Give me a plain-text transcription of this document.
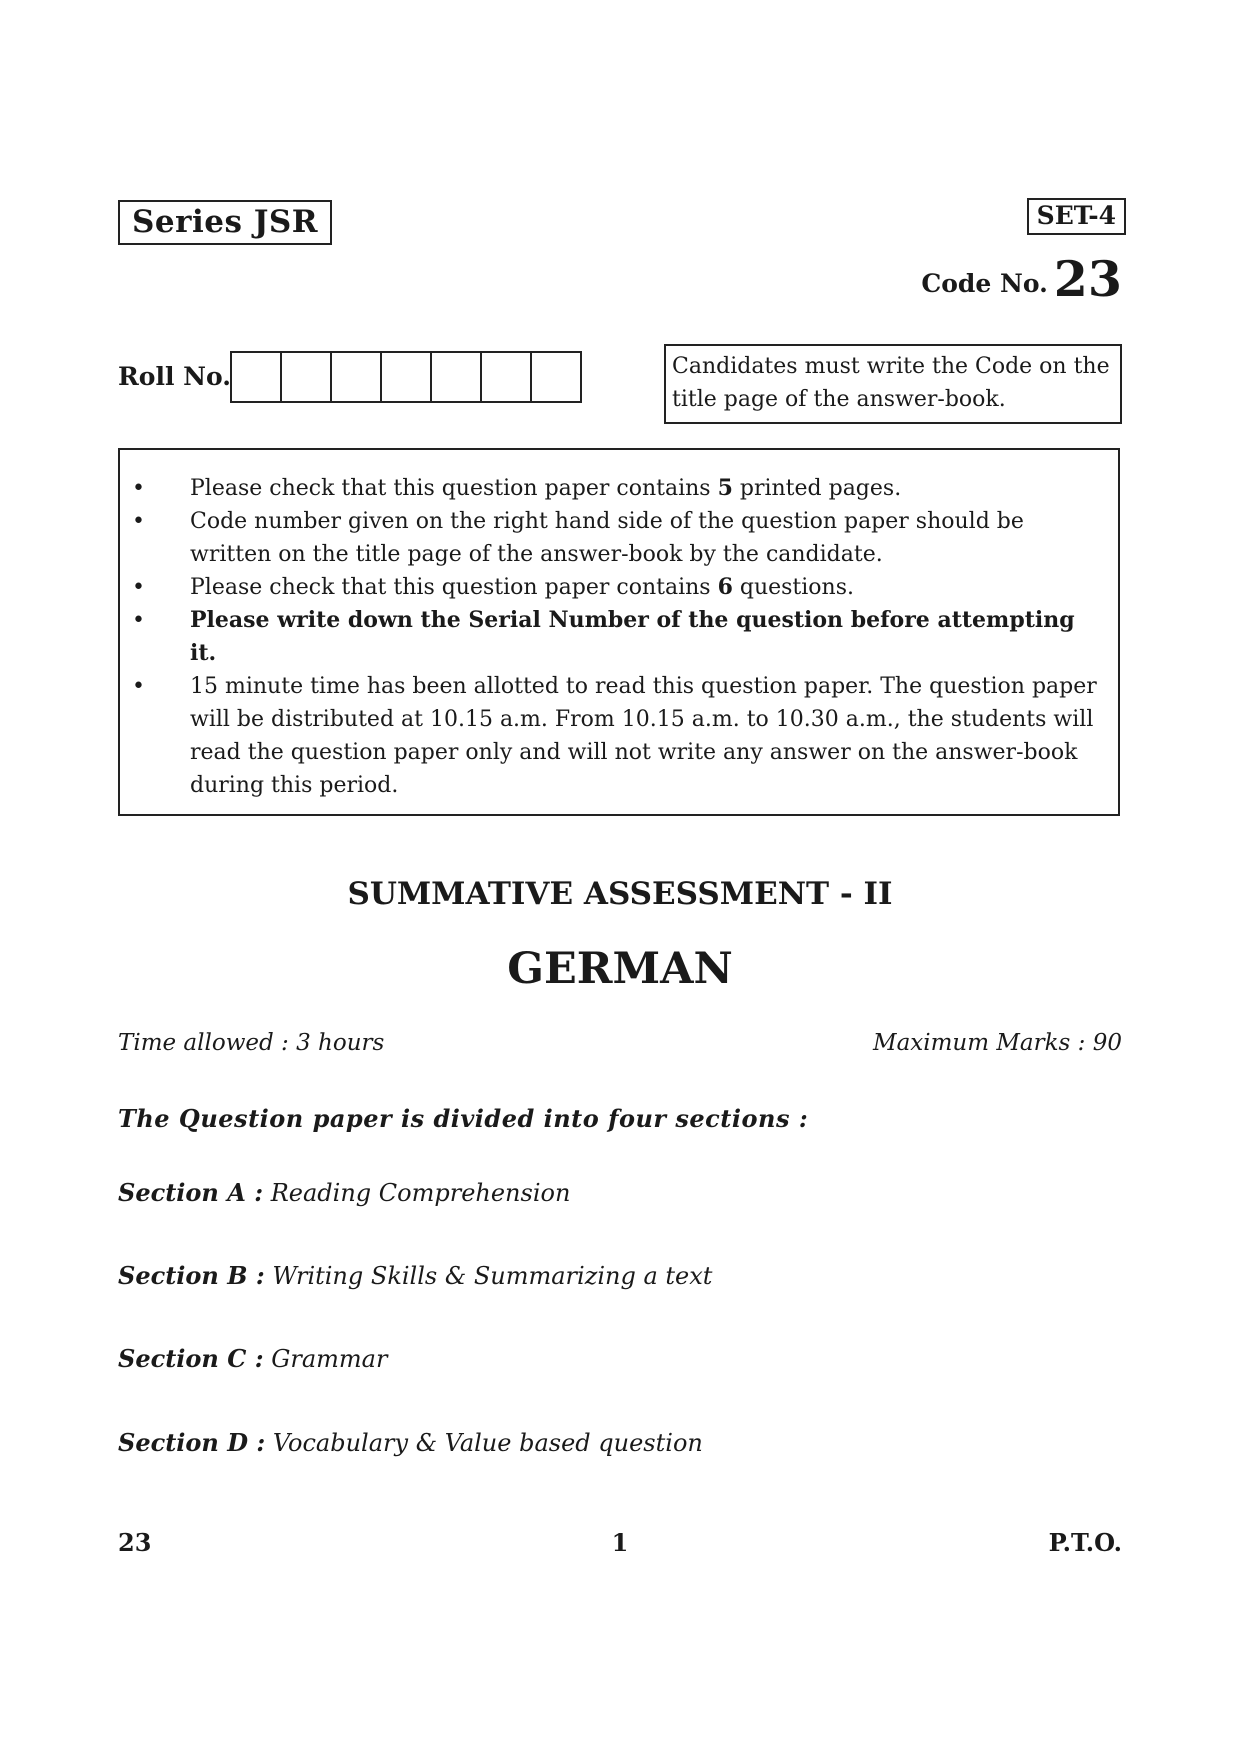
Series JSR	SET-4
Code No. 23
Roll No.	Candidates must write the Code on the title page of the answer-book.
• Please check that this question paper contains 5 printed pages.
• Code number given on the right hand side of the question paper should be written on the title page of the answer-book by the candidate.
• Please check that this question paper contains 6 questions.
• Please write down the Serial Number of the question before attempting it.
• 15 minute time has been allotted to read this question paper. The question paper will be distributed at 10.15 a.m. From 10.15 a.m. to 10.30 a.m., the students will read the question paper only and will not write any answer on the answer-book during this period.
SUMMATIVE ASSESSMENT - II
GERMAN
Time allowed : 3 hours	Maximum Marks : 90
The Question paper is divided into four sections :
Section A : Reading Comprehension
Section B : Writing Skills & Summarizing a text
Section C : Grammar
Section D : Vocabulary & Value based question
23	1	P.T.O.
